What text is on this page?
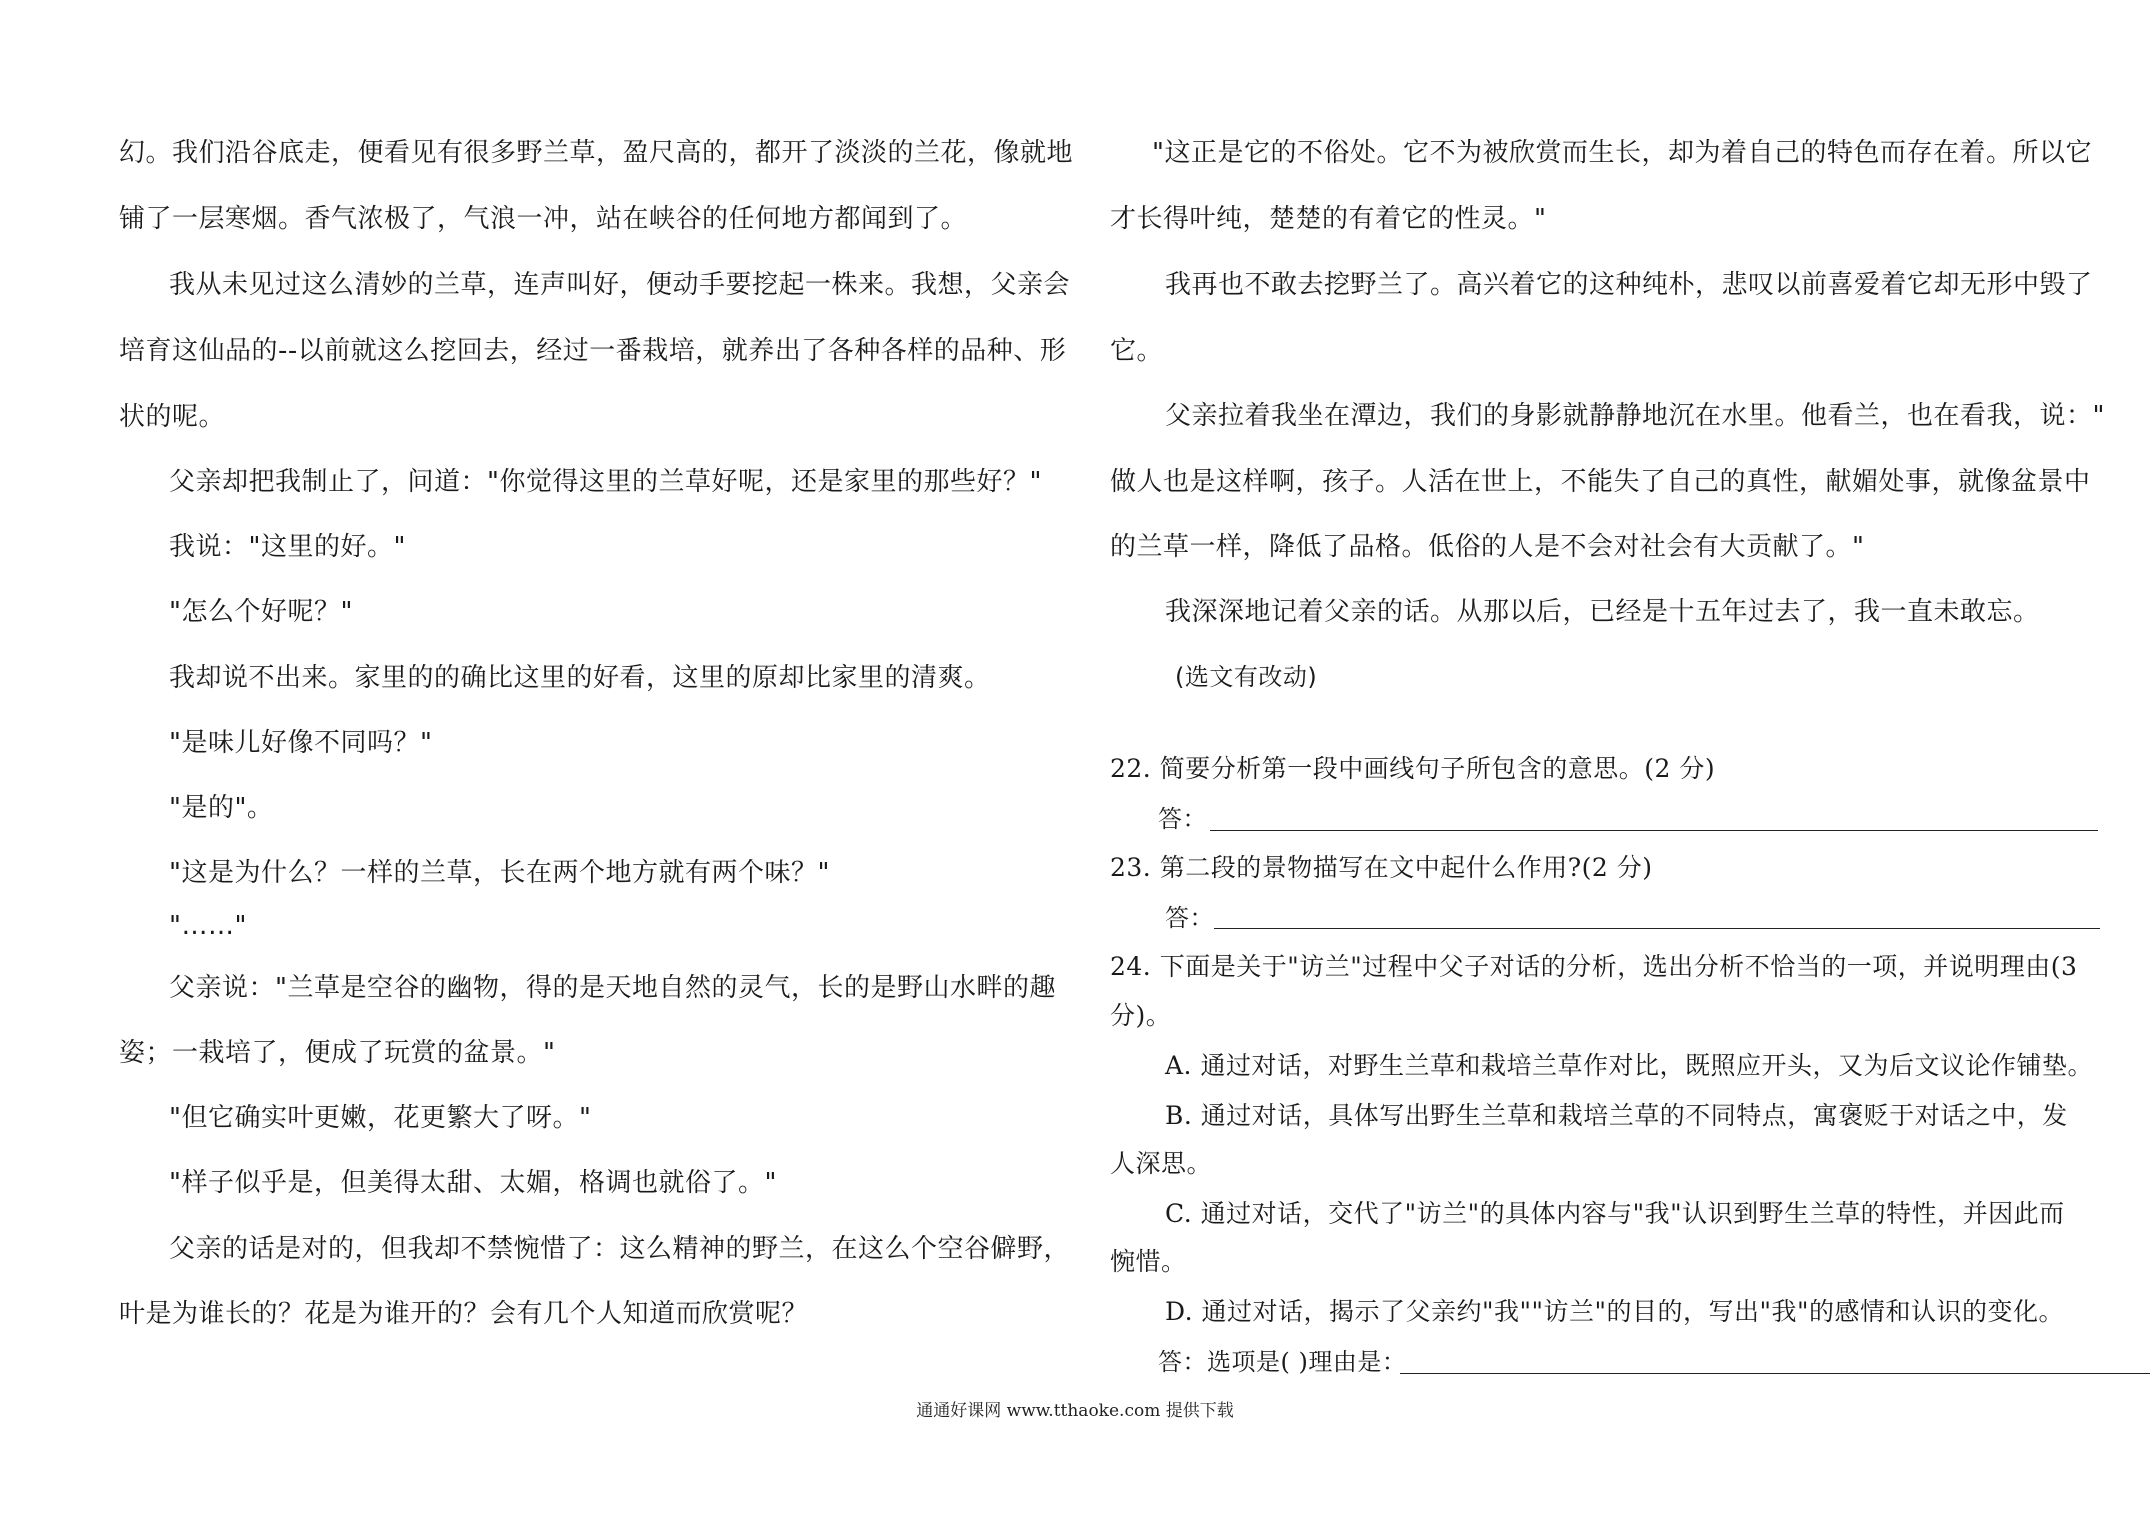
幻。我们沿谷底走，便看见有很多野兰草，盈尺高的，都开了淡淡的兰花，像就地
铺了一层寒烟。香气浓极了，气浪一冲，站在峡谷的任何地方都闻到了。
我从未见过这么清妙的兰草，连声叫好，便动手要挖起一株来。我想，父亲会
培育这仙品的--以前就这么挖回去，经过一番栽培，就养出了各种各样的品种、形
状的呢。
父亲却把我制止了，问道："你觉得这里的兰草好呢，还是家里的那些好？"
我说："这里的好。"
"怎么个好呢？"
我却说不出来。家里的的确比这里的好看，这里的原却比家里的清爽。
"是味儿好像不同吗？"
"是的"。
"这是为什么？一样的兰草，长在两个地方就有两个味？"
"……"
父亲说："兰草是空谷的幽物，得的是天地自然的灵气，长的是野山水畔的趣
姿；一栽培了，便成了玩赏的盆景。"
"但它确实叶更嫩，花更繁大了呀。"
"样子似乎是，但美得太甜、太媚，格调也就俗了。"
父亲的话是对的，但我却不禁惋惜了：这么精神的野兰，在这么个空谷僻野，
叶是为谁长的？花是为谁开的？会有几个人知道而欣赏呢？
"这正是它的不俗处。它不为被欣赏而生长，却为着自己的特色而存在着。所以它
才长得叶纯，楚楚的有着它的性灵。"
我再也不敢去挖野兰了。高兴着它的这种纯朴，悲叹以前喜爱着它却无形中毁了
它。
父亲拉着我坐在潭边，我们的身影就静静地沉在水里。他看兰，也在看我，说："
做人也是这样啊，孩子。人活在世上，不能失了自己的真性，献媚处事，就像盆景中
的兰草一样，降低了品格。低俗的人是不会对社会有大贡献了。"
我深深地记着父亲的话。从那以后，已经是十五年过去了，我一直未敢忘。
(选文有改动)
22. 简要分析第一段中画线句子所包含的意思。(2 分)
答：
23. 第二段的景物描写在文中起什么作用?(2 分)
答：
24. 下面是关于"访兰"过程中父子对话的分析，选出分析不恰当的一项，并说明理由(3
分)。
A. 通过对话，对野生兰草和栽培兰草作对比，既照应开头，又为后文议论作铺垫。
B. 通过对话，具体写出野生兰草和栽培兰草的不同特点，寓褒贬于对话之中，发
人深思。
C. 通过对话，交代了"访兰"的具体内容与"我"认识到野生兰草的特性，并因此而
惋惜。
D. 通过对话，揭示了父亲约"我""访兰"的目的，写出"我"的感情和认识的变化。
答：选项是( )理由是：
通通好课网 www.tthaoke.com 提供下载
